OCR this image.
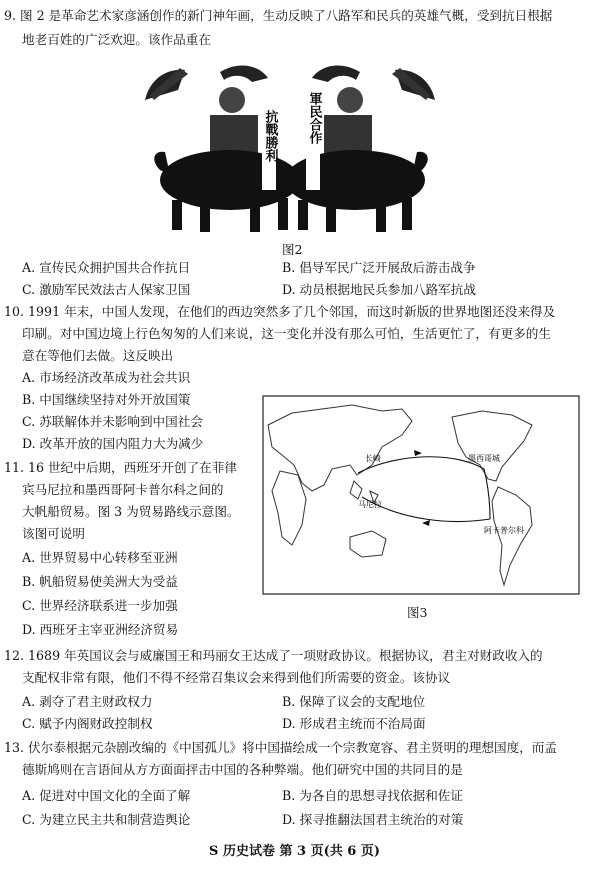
9. 图 2 是革命艺术家彦涵创作的新门神年画，生动反映了八路军和民兵的英雄气概，受到抗日根据
地老百姓的广泛欢迎。该作品重在
抗戰勝利 軍民合作
图2
A. 宣传民众拥护国共合作抗日	B. 倡导军民广泛开展敌后游击战争
C. 激励军民效法古人保家卫国	D. 动员根据地民兵参加八路军抗战
10. 1991 年末，中国人发现，在他们的西边突然多了几个邻国，而这时新版的世界地图还没来得及
印刷。对中国边境上行色匆匆的人们来说，这一变化并没有那么可怕，生活更忙了，有更多的生
意在等他们去做。这反映出
A. 市场经济改革成为社会共识
B. 中国继续坚持对外开放国策
C. 苏联解体并未影响到中国社会
D. 改革开放的国内阻力大为减少
11. 16 世纪中后期，西班牙开创了在菲律
宾马尼拉和墨西哥阿卡普尔科之间的
大帆船贸易。图 3 为贸易路线示意图。
该图可说明
A. 世界贸易中心转移至亚洲
B. 帆船贸易使美洲大为受益
C. 世界经济联系进一步加强
D. 西班牙主宰亚洲经济贸易
长崎	墨西哥城
马尼拉
阿卡普尔科
图3
12. 1689 年英国议会与威廉国王和玛丽女王达成了一项财政协议。根据协议，君主对财政收入的
支配权非常有限，他们不得不经常召集议会来得到他们所需要的资金。该协议
A. 剥夺了君主财政权力	B. 保障了议会的支配地位
C. 赋予内阁财政控制权	D. 形成君主统而不治局面
13. 伏尔泰根据元杂剧改编的《中国孤儿》将中国描绘成一个宗教宽容、君主贤明的理想国度，而孟
德斯鸠则在言语间从方方面面抨击中国的各种弊端。他们研究中国的共同目的是
A. 促进对中国文化的全面了解	B. 为各自的思想寻找依据和佐证
C. 为建立民主共和制营造舆论	D. 探寻推翻法国君主统治的对策
S 历史试卷 第 3 页(共 6 页)
